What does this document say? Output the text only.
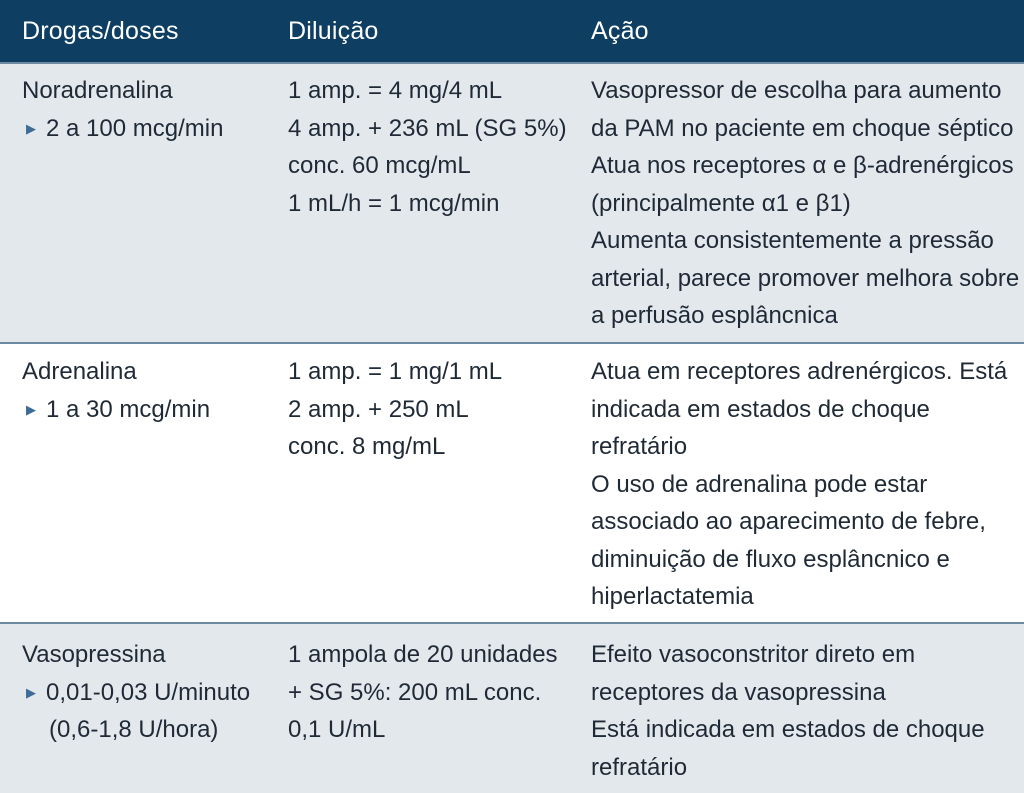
Drogas/doses	Diluição	Ação
Noradrenalina
▶ 2 a 100 mcg/min
1 amp. = 4 mg/4 mL
4 amp. + 236 mL (SG 5%)
conc. 60 mcg/mL
1 mL/h = 1 mcg/min
Vasopressor de escolha para aumento
da PAM no paciente em choque séptico
Atua nos receptores α e β-adrenérgicos
(principalmente α1 e β1)
Aumenta consistentemente a pressão
arterial, parece promover melhora sobre
a perfusão esplâncnica
Adrenalina
▶ 1 a 30 mcg/min
1 amp. = 1 mg/1 mL
2 amp. + 250 mL
conc. 8 mg/mL
Atua em receptores adrenérgicos. Está
indicada em estados de choque
refratário
O uso de adrenalina pode estar
associado ao aparecimento de febre,
diminuição de fluxo esplâncnico e
hiperlactatemia
Vasopressina
▶ 0,01-0,03 U/minuto
(0,6-1,8 U/hora)
1 ampola de 20 unidades
+ SG 5%: 200 mL conc.
0,1 U/mL
Efeito vasoconstritor direto em
receptores da vasopressina
Está indicada em estados de choque
refratário
